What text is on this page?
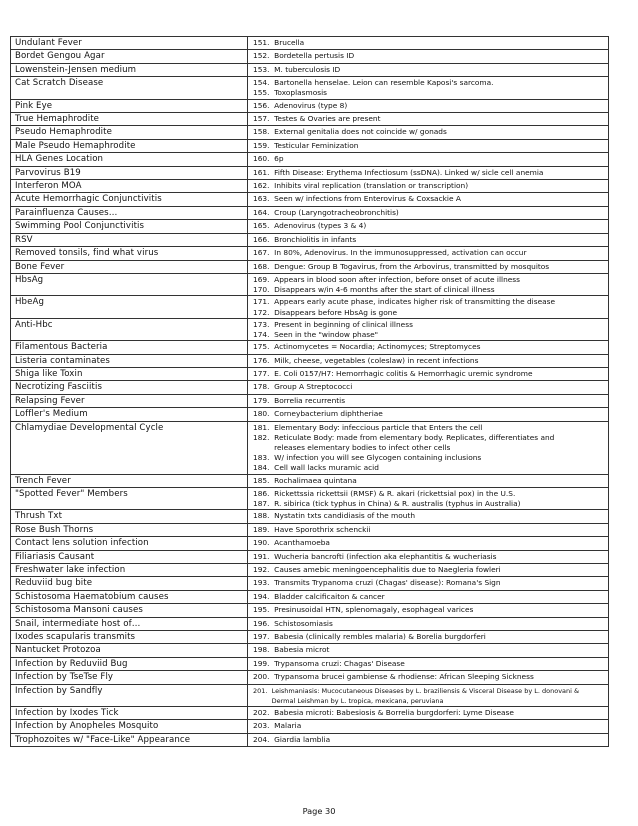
Undulant Fever	151.  Brucella

Bordet Gengou Agar	152.  Bordetella pertusis ID

Lowenstein-Jensen medium	153.  M. tuberculosis ID

Cat Scratch Disease	154.  Bartonella henselae. Leion can resemble Kaposi's sarcoma.
155.  Toxoplasmosis

Pink Eye	156.  Adenovirus (type 8)

True Hemaphrodite	157.  Testes & Ovaries are present

Pseudo Hemaphrodite	158.  External genitalia does not coincide w/ gonads

Male Pseudo Hemaphrodite	159.  Testicular Feminization

HLA Genes Location	160.  6p

Parvovirus B19	161.  Fifth Disease: Erythema Infectiosum (ssDNA). Linked w/ sicle cell anemia

Interferon MOA	162.  Inhibits viral replication (translation or transcription)

Acute Hemorrhagic Conjunctivitis	163.  Seen w/ infections from Enterovirus & Coxsackie A

Parainfluenza Causes…	164.  Croup (Laryngotracheobronchitis)

Swimming Pool Conjunctivitis	165.  Adenovirus (types 3 & 4)

RSV	166.  Bronchiolitis in infants

Removed tonsils, find what virus	167.  In 80%, Adenovirus. In the immunosuppressed, activation can occur

Bone Fever	168.  Dengue: Group B Togavirus, from the Arbovirus, transmitted by mosquitos

HbsAg	169.  Appears in blood soon after infection, before onset of acute illness
170.  Disappears w/in 4-6 months after the start of clinical illness

HbeAg	171.  Appears early acute phase, indicates higher risk of transmitting the disease
172.  Disappears before HbsAg is gone

Anti-Hbc	173.  Present in beginning of clinical illness
174.  Seen in the "window phase"

Filamentous Bacteria	175.  Actinomycetes = Nocardia; Actinomyces; Streptomyces

Listeria contaminates	176.  Milk, cheese, vegetables (coleslaw) in recent infections

Shiga like Toxin	177.  E. Coli 0157/H7: Hemorrhagic colitis & Hemorrhagic uremic syndrome

Necrotizing Fasciitis	178.  Group A Streptococci

Relapsing Fever	179.  Borrelia recurrentis

Loffler's Medium	180.  Corneybacterium diphtheriae

Chlamydiae Developmental Cycle	181.  Elementary Body: infeccious particle that Enters the cell
182.  Reticulate Body: made from elementary body. Replicates, differentiates and
releases elementary bodies to infect other cells
183.  W/ infection you will see Glycogen containing inclusions
184.  Cell wall lacks muramic acid

Trench Fever	185.  Rochalimaea quintana

"Spotted Fever" Members	186.  Rickettssia rickettsii (RMSF) & R. akari (rickettsial pox) in the U.S.
187.  R. sibirica (tick typhus in China) & R. australis (typhus in Australia)

Thrush Txt	188.  Nystatin txts candidiasis of the mouth

Rose Bush Thorns	189.  Have Sporothrix schenckii

Contact lens solution infection	190.  Acanthamoeba

Filiariasis Causant	191.  Wucheria bancrofti (infection aka elephantitis & wucheriasis

Freshwater lake infection	192.  Causes amebic meningoencephalitis due to Naegleria fowleri

Reduviid bug bite	193.  Transmits Trypanoma cruzi (Chagas' disease): Romana's Sign

Schistosoma Haematobium causes	194.  Bladder calcificaiton & cancer

Schistosoma Mansoni causes	195.  Presinusoidal HTN, splenomagaly, esophageal varices

Snail, intermediate host of…	196.  Schistosomiasis

Ixodes scapularis transmits	197.  Babesia (clinically rembles malaria) & Borelia burgdorferi

Nantucket Protozoa	198.  Babesia microt

Infection by Reduviid Bug	199.  Trypansoma cruzi: Chagas' Disease

Infection by TseTse Fly	200.  Trypansoma brucei gambiense & rhodiense: African Sleeping Sickness

Infection by Sandfly	201.  Leishmaniasis: Mucocutaneous Diseases by L. braziliensis & Visceral Disease by L. donovani &
Dermal Leishman by L. tropica, mexicana, peruviana

Infection by Ixodes Tick	202.  Babesia microti: Babesiosis & Borrelia burgdorferi: Lyme Disease

Infection by Anopheles Mosquito	203.  Malaria

Trophozoites w/ "Face-Like" Appearance	204.  Giardia lamblia
Page 30
